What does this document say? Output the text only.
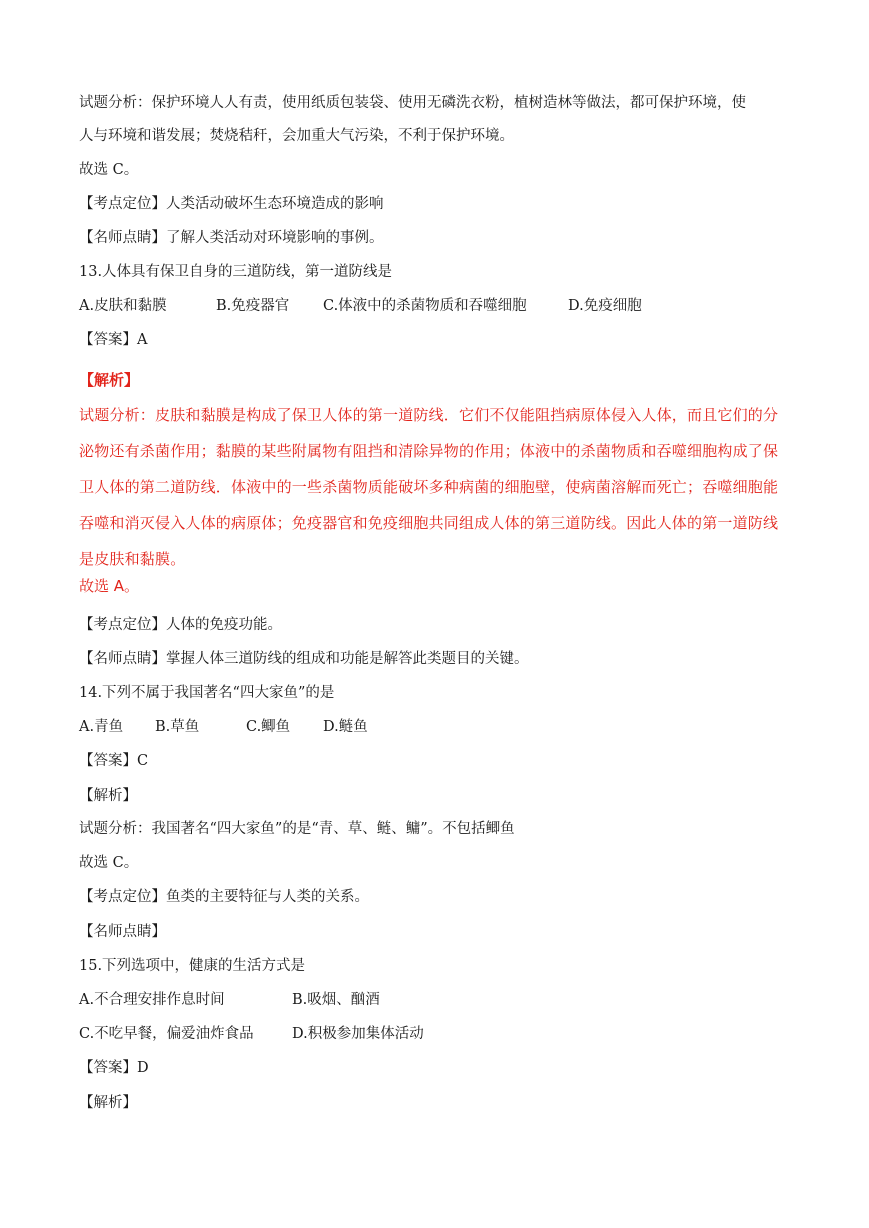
试题分析：保护环境人人有责，使用纸质包装袋、使用无磷洗衣粉，植树造林等做法，都可保护环境，使
人与环境和谐发展；焚烧秸秆，会加重大气污染，不利于保护环境。
故选 C。
【考点定位】人类活动破坏生态环境造成的影响
【名师点睛】了解人类活动对环境影响的事例。
13.人体具有保卫自身的三道防线，第一道防线是
A.皮肤和黏膜	B.免疫器官 C.体液中的杀菌物质和吞噬细胞	D.免疫细胞
【答案】A
【解析】
试题分析：皮肤和黏膜是构成了保卫人体的第一道防线．它们不仅能阻挡病原体侵入人体，而且它们的分
泌物还有杀菌作用；黏膜的某些附属物有阻挡和清除异物的作用；体液中的杀菌物质和吞噬细胞构成了保
卫人体的第二道防线．体液中的一些杀菌物质能破坏多种病菌的细胞壁，使病菌溶解而死亡；吞噬细胞能
吞噬和消灭侵入人体的病原体；免疫器官和免疫细胞共同组成人体的第三道防线。因此人体的第一道防线
是皮肤和黏膜。
故选 A。
【考点定位】人体的免疫功能。
【名师点睛】掌握人体三道防线的组成和功能是解答此类题目的关键。
14.下列不属于我国著名“四大家鱼”的是
A.青鱼 B.草鱼	C.鲫鱼 D.鲢鱼
【答案】C
【解析】
试题分析：我国著名“四大家鱼”的是“青、草、鲢、鳙”。不包括鲫鱼
故选 C。
【考点定位】鱼类的主要特征与人类的关系。
【名师点睛】
15.下列选项中，健康的生活方式是
A.不合理安排作息时间	B.吸烟、酗酒
C.不吃早餐，偏爱油炸食品	D.积极参加集体活动
【答案】D
【解析】
